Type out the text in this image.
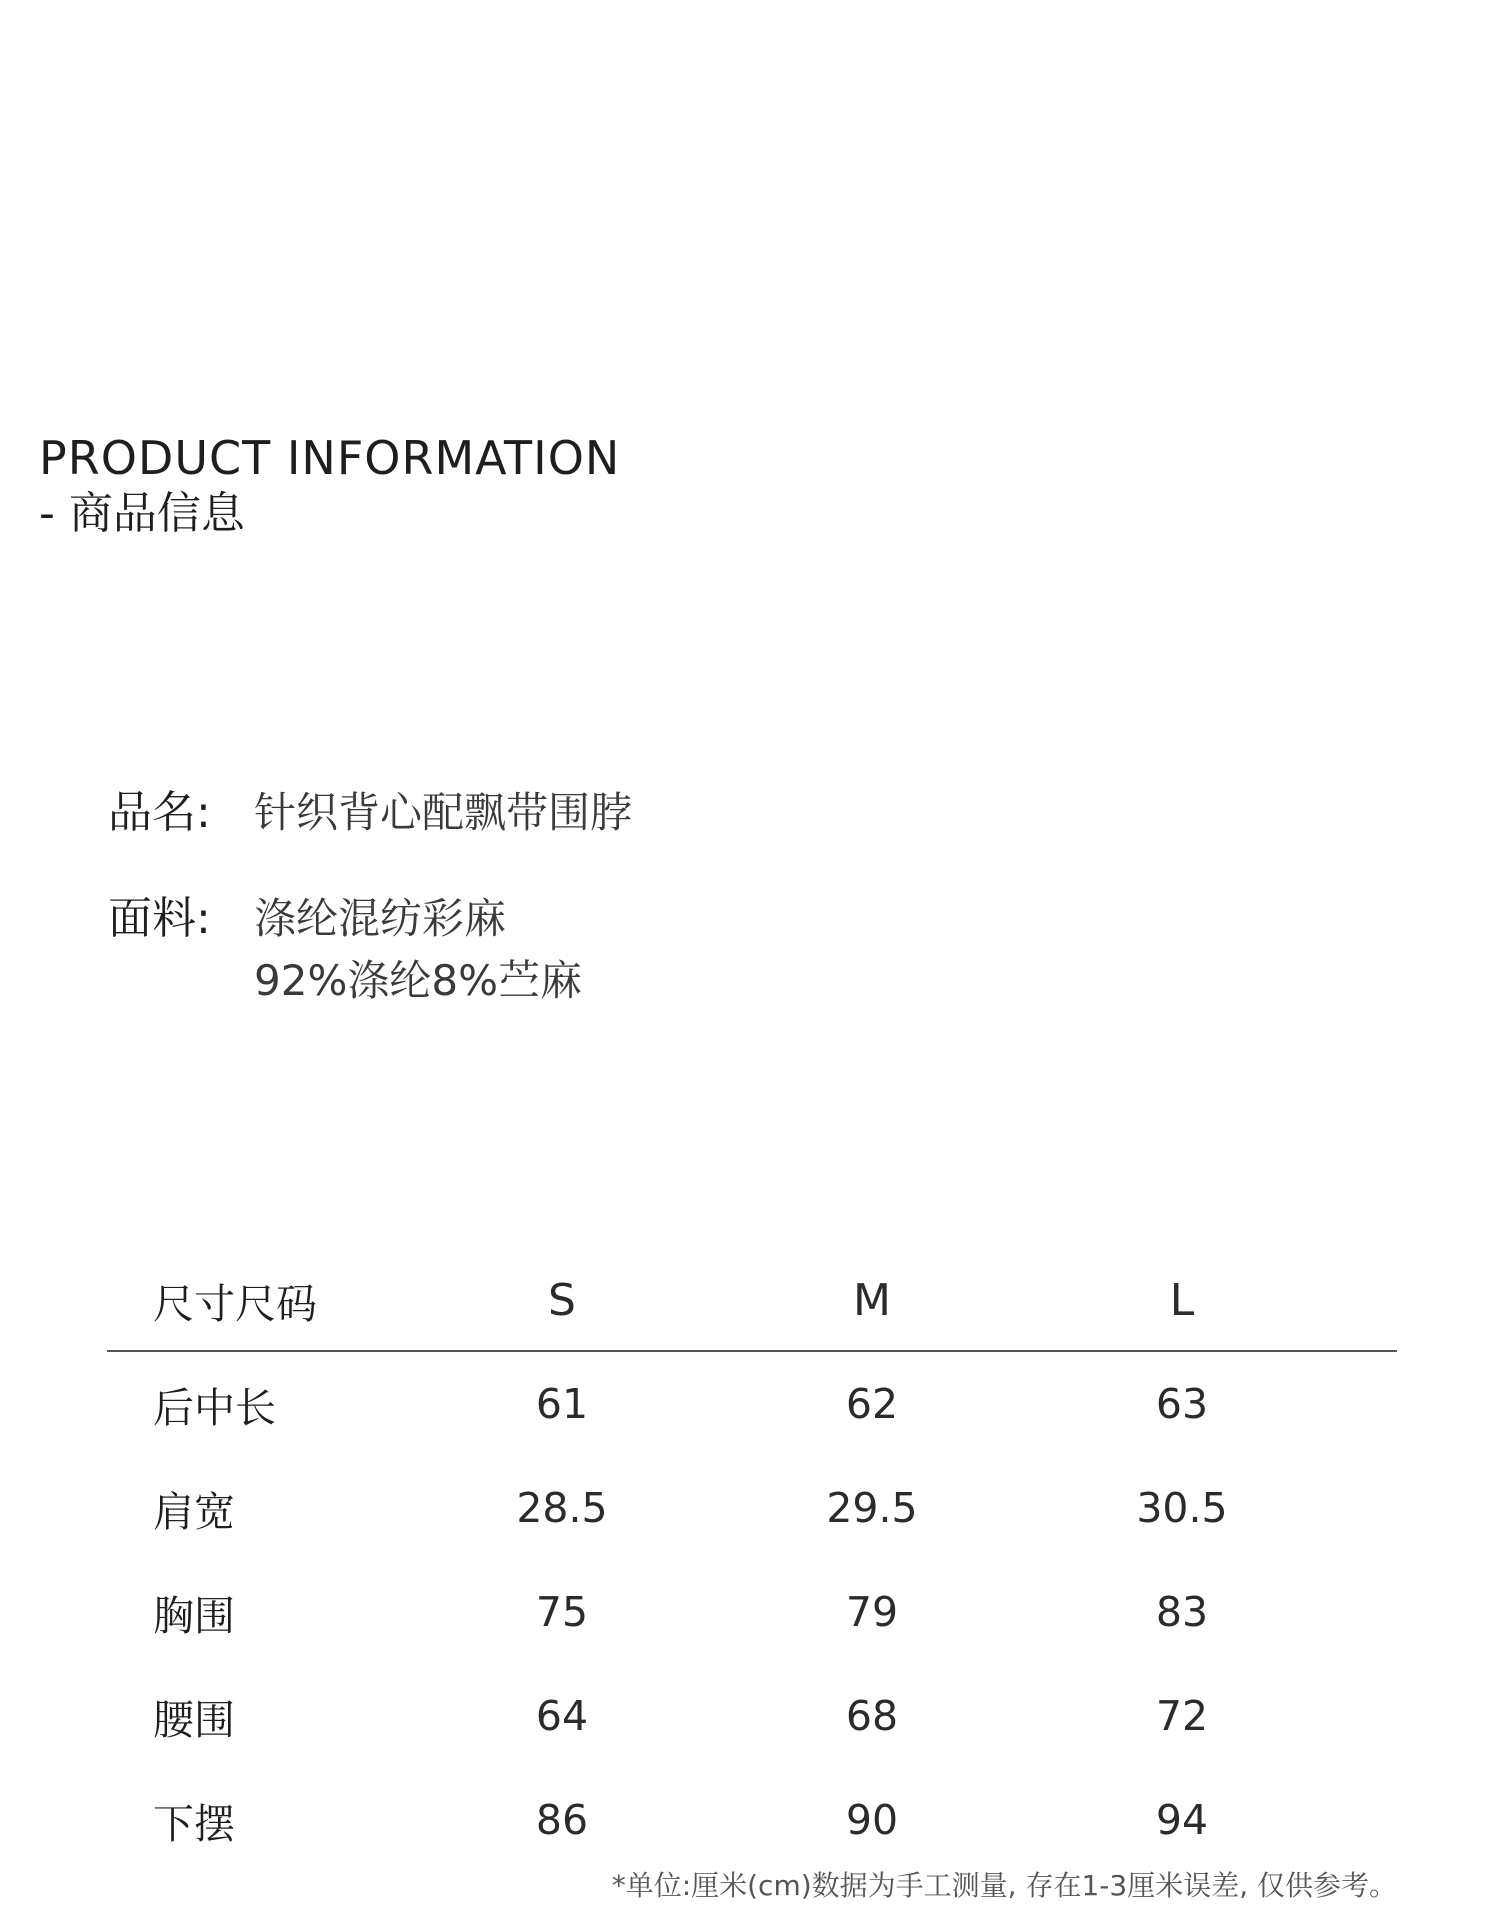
PRODUCT INFORMATION
- 商品信息
品名:	针织背心配飘带围脖
面料:	涤纶混纺彩麻
92%涤纶8%苎麻
尺寸尺码	S	M	L
后中长	61	62	63
肩宽	28.5	29.5	30.5
胸围	75	79	83
腰围	64	68	72
下摆	86	90	94
*单位:厘米(cm)数据为手工测量, 存在1-3厘米误差, 仅供参考。
